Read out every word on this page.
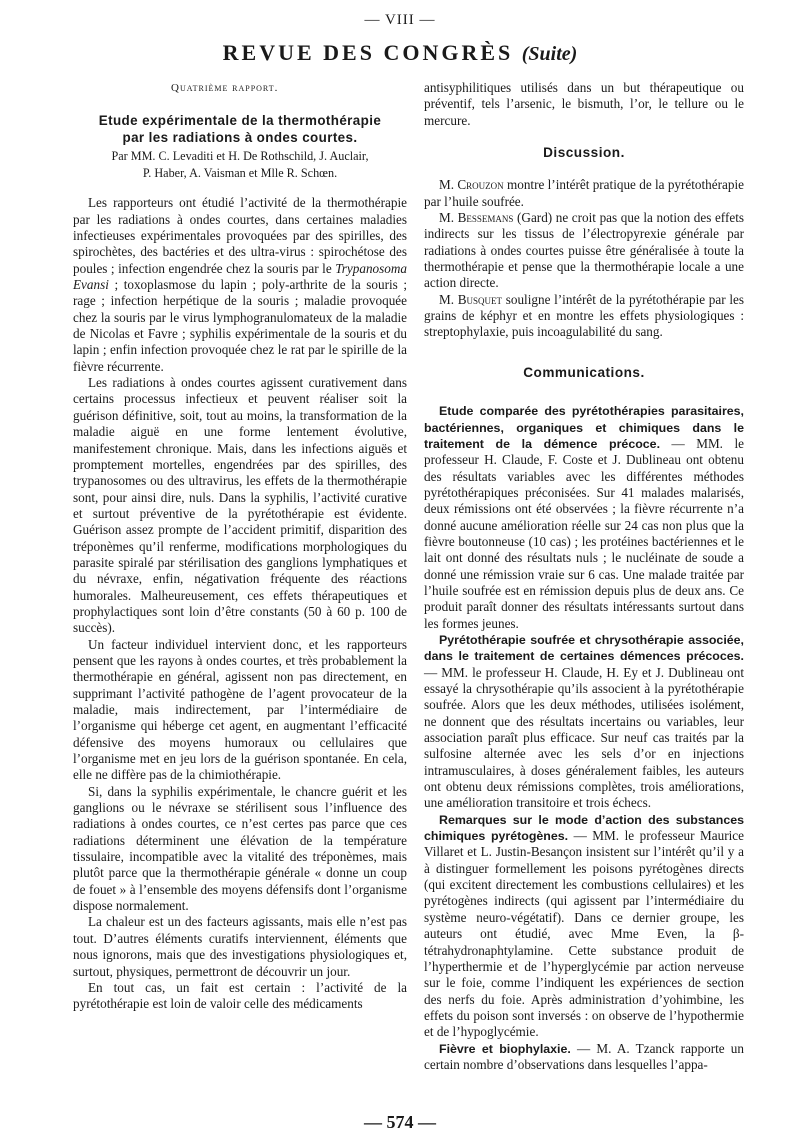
— VIII —
REVUE DES CONGRÈS (Suite)
Quatrième rapport.
Etude expérimentale de la thermothérapie
par les radiations à ondes courtes.
Par MM. C. Levaditi et H. De Rothschild, J. Auclair,
P. Haber, A. Vaisman et Mlle R. Schœn.

Les rapporteurs ont étudié l’activité de la thermothérapie par les radiations à ondes courtes, dans certaines maladies infectieuses expérimentales provoquées par des spirilles, des spirochètes, des bactéries et des ultra-virus : spirochétose des poules ; infection engendrée chez la souris par le Trypanosoma Evansi ; toxoplasmose du lapin ; poly-arthrite de la souris ; rage ; infection herpétique de la souris ; maladie provoquée chez la souris par le virus lymphogranulomateux de la maladie de Nicolas et Favre ; syphilis expérimentale de la souris et du lapin ; enfin infection provoquée chez le rat par le spirille de la fièvre récurrente.

Les radiations à ondes courtes agissent curativement dans certains processus infectieux et peuvent réaliser soit la guérison définitive, soit, tout au moins, la transformation de la maladie aiguë en une forme lentement évolutive, manifestement chronique. Mais, dans les infections aiguës et promptement mortelles, engendrées par des spirilles, des trypanosomes ou des ultravirus, les effets de la thermothérapie sont, pour ainsi dire, nuls. Dans la syphilis, l’activité curative et surtout préventive de la pyrétothérapie est évidente. Guérison assez prompte de l’accident primitif, disparition des tréponèmes qu’il renferme, modifications morphologiques du parasite spiralé par stérilisation des ganglions lymphatiques et du névraxe, enfin, négativation fréquente des réactions humorales. Malheureusement, ces effets thérapeutiques et prophylactiques sont loin d’être constants (50 à 60 p. 100 de succès).

Un facteur individuel intervient donc, et les rapporteurs pensent que les rayons à ondes courtes, et très probablement la thermothérapie en général, agissent non pas directement, en supprimant l’activité pathogène de l’agent provocateur de la maladie, mais indirectement, par l’intermédiaire de l’organisme qui héberge cet agent, en augmentant l’efficacité défensive des moyens humoraux ou cellulaires que l’organisme met en jeu lors de la guérison spontanée. En cela, elle ne diffère pas de la chimiothérapie.

Si, dans la syphilis expérimentale, le chancre guérit et les ganglions ou le névraxe se stérilisent sous l’influence des radiations à ondes courtes, ce n’est certes pas parce que ces radiations déterminent une élévation de la température tissulaire, incompatible avec la vitalité des tréponèmes, mais plutôt parce que la thermothérapie générale « donne un coup de fouet » à l’ensemble des moyens défensifs dont l’organisme dispose normalement.

La chaleur est un des facteurs agissants, mais elle n’est pas tout. D’autres éléments curatifs interviennent, éléments que nous ignorons, mais que des investigations physiologiques et, surtout, physiques, permettront de découvrir un jour.

En tout cas, un fait est certain : l’activité de la pyrétothérapie est loin de valoir celle des médicaments

antisyphilitiques utilisés dans un but thérapeutique ou préventif, tels l’arsenic, le bismuth, l’or, le tellure ou le mercure.

Discussion.

M. Crouzon montre l’intérêt pratique de la pyrétothérapie par l’huile soufrée.

M. Bessemans (Gard) ne croit pas que la notion des effets indirects sur les tissus de l’électropyrexie générale par radiations à ondes courtes puisse être généralisée à toute la thermothérapie et pense que la thermothérapie locale a une action directe.

M. Busquet souligne l’intérêt de la pyrétothérapie par les grains de képhyr et en montre les effets physiologiques : streptophylaxie, puis incoagulabilité du sang.

Communications.

Etude comparée des pyrétothérapies parasitaires, bactériennes, organiques et chimiques dans le traitement de la démence précoce. — MM. le professeur H. Claude, F. Coste et J. Dublineau ont obtenu des résultats variables avec les différentes méthodes pyrétothérapiques préconisées. Sur 41 malades malarisés, deux rémissions ont été observées ; la fièvre récurrente n’a donné aucune amélioration réelle sur 24 cas non plus que la fièvre boutonneuse (10 cas) ; les protéines bactériennes et le lait ont donné des résultats nuls ; le nucléinate de soude a donné une rémission vraie sur 6 cas. Une malade traitée par l’huile soufrée est en rémission depuis plus de deux ans. Ce produit paraît donner des résultats intéressants surtout dans les formes jeunes.

Pyrétothérapie soufrée et chrysothérapie associée, dans le traitement de certaines démences précoces. — MM. le professeur H. Claude, H. Ey et J. Dublineau ont essayé la chrysothérapie qu’ils associent à la pyrétothérapie soufrée. Alors que les deux méthodes, utilisées isolément, ne donnent que des résultats incertains ou variables, leur association paraît plus efficace. Sur neuf cas traités par la sulfosine alternée avec les sels d’or en injections intramusculaires, à doses généralement faibles, les auteurs ont obtenu deux rémissions complètes, trois améliorations, une amélioration transitoire et trois échecs.

Remarques sur le mode d’action des substances chimiques pyrétogènes. — MM. le professeur Maurice Villaret et L. Justin-Besançon insistent sur l’intérêt qu’il y a à distinguer formellement les poisons pyrétogènes directs (qui excitent directement les combustions cellulaires) et les pyrétogènes indirects (qui agissent par l’intermédiaire du système neuro-végétatif). Dans ce dernier groupe, les auteurs ont étudié, avec Mme Even, la β-tétrahydronaphtylamine. Cette substance produit de l’hyperthermie et de l’hyperglycémie par action nerveuse sur le foie, comme l’indiquent les expériences de section des nerfs du foie. Après administration d’yohimbine, les effets du poison sont inversés : on observe de l’hypothermie et de l’hypoglycémie.

Fièvre et biophylaxie. — M. A. Tzanck rapporte un certain nombre d’observations dans lesquelles l’appa-

— 574 —
